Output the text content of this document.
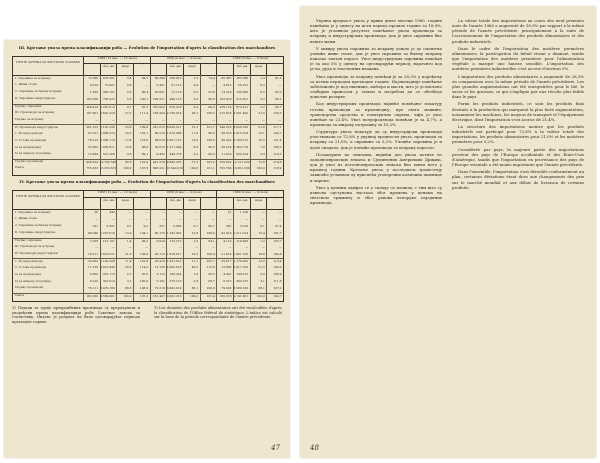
III. Кретање увоза према класификацији роба — Évolution de l'importation d'après la classification des marchandises
ГРУПЕ АРТИКАЛА SECTIONS CLASSES
1958 (12 мес. — 12 mois)
Тона	Вредност у хиљ. дин.
Учешће у % вредн.
Индекс
1959 (9 мес. — 9 mois)
Тона	Вредност у хиљ. дин.
Учешће у % вредн.
Индекс
1960 (9 мес. — 9 mois)
Тона	Вредност у хиљ. дин.
Учешће у % вредн.
Индекс
I. Сировине за исхрану	72.566	476.301	3,6	84,5	80.396	180.813	1,3	74,4	80.387	265.588	1,4	91,3
1. Жива стока	8.254	75.001	0,6	—	5.401	61.112	0,4	—	4.812	26.101	0,2	—
2. Сировине за биљну исхрану	1.002	300.101	2,3	90,4	20.601	72.116	0,5	52,9	14.219	100.300	0,5	85,0
II. Сировине индустријске	182.038	730.415	5,5	100,1	190.311	490.118	3,6	88,8	162.418	515.201	3,2	99,1
Укупно сировине	306.419 1.281.612	9,7	97,3	255.002	870.218	6,4	89,3	239.714	873.011	5,2	95,7
III. Производи за исхрану	167.901 3.601.218	27,2	111,4	180.204 2.730.014	20,1	106,5	215.816 3.501.402	21,0	128,3
Укупно за исхрану	—	—	—	—	—	—	—	—	—	—	—	—
IV. Производи индустријски	281.013 7.101.330	53,6	109,8	261.015 6.930.211	51,2	101,7	340.216 8.620.100	51,8	117,1
1. Полупроизводи	95.101 1.900.214	14,3	102,1	80.219 1.610.006	11,9	98,3	96.318 2.015.014	12,1	104,7
2. Готови производи	78.214 2.300.110	17,4	116,8	68.019 2.001.712	14,8	108,0	90.414 2.700.312	16,2	121,4
а) за производњу	32.002 1.430.611	10,8	98,8	30.013 1.211.004	8,9	96,2	36.214 1.302.719	7,8	108,3
б) за широку потрошњу	12.804	501.300	3,8	89,1	9.402	440.718	3,2	90,3	11.019	552.014	3,3	110,2
Укупно производи	448.914 10.702.548	80,8	110,4	441.219 9.660.225	71,3	103,2	556.032 12.121.502	72,8	119,8
Свега	755.333 13.250.615	100,0	107,9	696.221 13.540.010	100,0	101,1	795.746 16.651.330	100,0	118,9
IV. Кретање увоза према класификацији роба — Évolution de l'importation d'après la classification des marchandises
ГРУПЕ АРТИКАЛА SECTIONS CLASSES
1958 (12 мес. — 12 mois)
Тона	Вредност у хиљ. дин.
Учешће у % вредн.
Индекс
1959 (9 мес. — 9 mois)
Тона	Вредност у хиљ. дин.
Учешће у % вредн.
Индекс
1960 (9 мес. — 9 mois)
Тона	Вредност у хиљ. дин.
Учешће у % вредн.
Индекс
I. Сировине за исхрану	26	440	—	—	—	—	—	—	21	1.190	—	—
1. Жива стока	—	—	—	—	—	—	—	—	—	—	—	—
2. Сировине за биљну исхрану	321	6.201	0,1	9,2	337	2.805	0,1	90,7	381	2.019	0,1	97,4
II. Сировине индустријске	96.040 1.251.010	13,0	104,1	80.170 1.192.001	12,8	106,6	92.016 1.211.014	12,4	101,7
Укупно сировине	7.028	131.101	1,4	96,2	6.024	110.213	1,2	84,1	4.113	116.400	1,2	105,7
III. Производи за исхрану	—	—	—	—	—	—	—	—	—	—	—	—
IV. Производи индустријски	18.211 2.019.011	21,0	106,4	20.113 1.818.017	19,5	100,4	21.014 1.901.310	19,6	104,6
1. Полупроизводи	30.002 1.140.206	11,9	101,8	26.410 1.031.812	11,1	102,7	29.017 1.170.002	12,0	113,4
2. Готови производи	11.316 4.810.440	50,2	114,2	12.108 4.602.618	49,5	112,9	13.806 5.017.100	51,5	109,0
а) за производњу	4.002	201.113	2,1	97,0	3.113	180.414	1,9	90,5	4.401	198.212	2,0	109,9
б) за широку потрошњу	6.210	301.014	3,1	105,0	5.101	270.110	2,9	89,7	6.313	302.015	3,1	111,8
Укупно производи	76.111 8.470.180	88,3	108,9	72.219 8.002.019	86,1	106,3	79.003 8.580.106	88,1	107,2
Свега	182.020 9.589.001	100,0	107,3	161.407 9.301.210	100,0	105,4	180.318 9.741.801	100,0	104,7
1) Подаци за групу прехрамбених производа су прерачунати и упоређени према класификацији робе Савезног завода за статистику. Индекс је рачунат на бази одговарајућег периода претходне године.
1) Les données des produits alimentaires ont été recalculées d'après la classification de l'Office fédéral de statistique. L'indice est calculé sur la base de la période correspondante de l'année précédente.
47

Укупна вредност увоза у првих девет месеци 1960. године повећана је у односу на исти период прошле године за 18,9%, што је углавном резултат повећаног увоза производа за исхрану и индустријских производа, док је увоз сировина био нешто мањи.

У оквиру увоза сировина за исхрану дошло је до смањења учешћа живе стоке, док је увоз сировина за биљну исхрану показао знатан пораст. Увоз индустријских сировина повећан је за око 5% у односу на одговарајући период, нарочито код угља, руда и текстилних влакана.

Увоз производа за исхрану повећан је за 28,3% у поређењу са истим периодом претходне године. Најзначајније повећање забележено је код пшенице, шећера и масти, што је условљено слабијим приносом у земљи и потребом да се обезбеде довољне резерве.

Код индустријских производа највеће повећање показују готови производи за производњу, пре свега машине, транспортна средства и електрична опрема, чији је увоз повећан за 21,4%. Увоз полупроизвода повећан је за 4,7%, а производа за широку потрошњу за 10,2%.

Структура увоза показује да су индустријски производи учествовали са 72,8% у укупној вредности увоза, производи за исхрану са 21,0%, а сировине са 5,2%. Учешће сировина је и даље опадало, док је учешће производа за исхрану порасло.

Посматрано по земљама, највећи део увоза потиче из западноевропских земаља и Сједињених Америчких Држава, док је увоз из источноевропских земаља био мањи него у прошлој години. Кретање увоза у последњем тромесечју зависиће углавном од приспећа уговорених количина пшенице и опреме.

Увоз у целини одвијао се у складу са планом, с тим што су извесна одступања настала због промена у ценама на светском тржишту и због рокова испоруке појединих производа.

La valeur totale des importations au cours des neuf premiers mois de l'année 1960 a augmenté de 18,9% par rapport à la même période de l'année précédente, principalement à la suite de l'accroissement de l'importation des produits alimentaires et des produits industriels.

Dans le cadre de l'importation des matières premières alimentaires, la participation du bétail vivant a diminué, tandis que l'importation des matières premières pour l'alimentation végétale a marqué une hausse sensible. L'importation des matières premières industrielles s'est accrue d'environ 5%.

L'importation des produits alimentaires a augmenté de 28,3% en comparaison avec la même période de l'année précédente. Les plus grandes augmentations ont été enregistrées pour le blé, le sucre et les graisses, ce qui s'explique par une récolte plus faible dans le pays.

Parmi les produits industriels, ce sont les produits finis destinés à la production qui marquent la plus forte augmentation, notamment les machines, les moyens de transport et l'équipement électrique, dont l'importation s'est accrue de 21,4%.

La structure des importations montre que les produits industriels ont participé pour 72,8% à la valeur totale des importations, les produits alimentaires pour 21,0% et les matières premières pour 5,2%.

Considérée par pays, la majeure partie des importations provient des pays de l'Europe occidentale et des États-Unis d'Amérique, tandis que l'importation en provenance des pays de l'Europe orientale a été moins importante que l'année précédente.

Dans l'ensemble, l'importation s'est déroulée conformément au plan, certaines déviations étant dues aux changements des prix sur le marché mondial et aux délais de livraison de certains produits.

48
